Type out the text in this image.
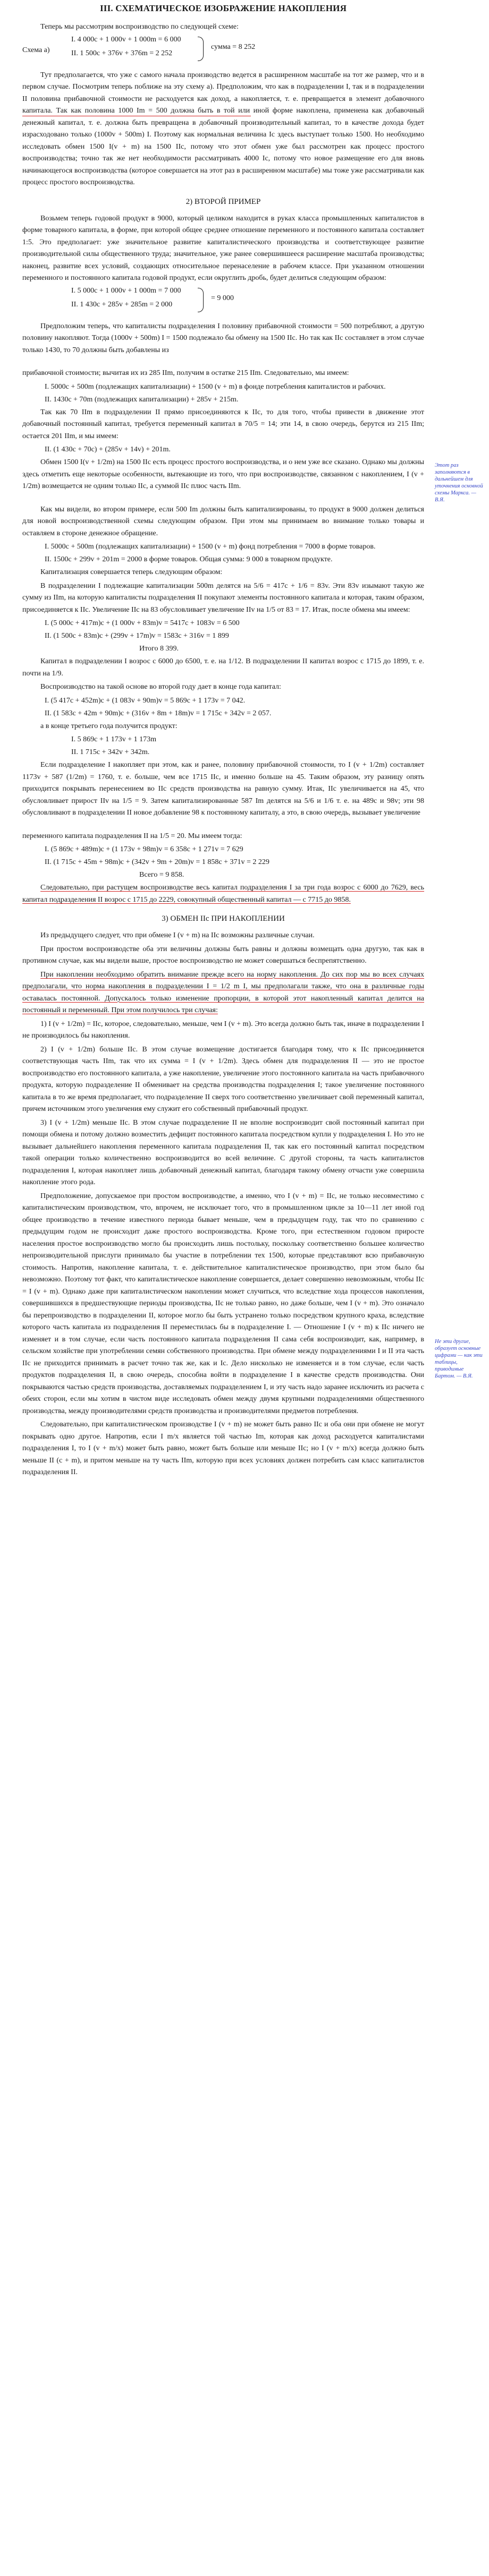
III. СХЕМАТИЧЕСКОЕ ИЗОБРАЖЕНИЕ НАКОПЛЕНИЯ
Теперь мы рассмотрим воспроизводство по следующей схеме:
Схема а)
I. 4 000c + 1 000v + 1 000m = 6 000
II. 1 500c + 376v + 376m = 2 252
сумма = 8 252
Тут предполагается, что уже с самого начала производство ведется в расширенном масштабе на тот же размер, что и в первом случае. Посмотрим теперь поближе на эту схему а). Предположим, что как в подразделении I, так и в подразделении II половина прибавочной стоимости не расходуется как доход, а накопляется, т. е. превращается в элемент добавочного капитала. Так как половина 1000 Im = 500 должна быть в той или иной форме накоплена, применена как добавочный денежный капитал, т. е. должна быть превращена в добавочный производительный капитал, то в качестве дохода будет израсходовано только (1000v + 500m) I. Поэтому как нормальная величина Ic здесь выступает только 1500. Но необходимо исследовать обмен 1500 I(v + m) на 1500 IIc, потому что этот обмен уже был рассмотрен как процесс простого воспроизводства; точно так же нет необходимости рассматривать 4000 Ic, потому что новое размещение его для вновь начинающегося воспроизводства (которое совершается на этот раз в расширенном масштабе) мы тоже уже рассматривали как процесс простого воспроизводства.
2) ВТОРОЙ ПРИМЕР
Возьмем теперь годовой продукт в 9000, который целиком находится в руках класса промышленных капиталистов в форме товарного капитала, в форме, при которой общее среднее отношение переменного и постоянного капитала составляет 1:5. Это предполагает: уже значительное развитие капиталистического производства и соответствующее развитие производительной силы общественного труда; значительное, уже ранее совершившееся расширение масштаба производства; наконец, развитие всех условий, создающих относительное перенаселение в рабочем классе. При указанном отношении переменного и постоянного капитала годовой продукт, если округлить дробь, будет делиться следующим образом:
I. 5 000c + 1 000v + 1 000m = 7 000
II. 1 430c + 285v + 285m = 2 000
= 9 000
Предположим теперь, что капиталисты подразделения I половину прибавочной стоимости = 500 потребляют, а другую половину накопляют. Тогда (1000v + 500m) I = 1500 подлежало бы обмену на 1500 IIc. Но так как IIc составляет в этом случае только 1430, то 70 должны быть добавлены из
прибавочной стоимости; вычитая их из 285 IIm, получим в остатке 215 IIm. Следовательно, мы имеем:
I. 5000c + 500m (подлежащих капитализации) + 1500 (v + m) в фонде потребления капиталистов и рабочих.
II. 1430c + 70m (подлежащих капитализации) + 285v + 215m.
Так как 70 IIm в подразделении II прямо присоединяются к IIc, то для того, чтобы привести в движение этот добавочный постоянный капитал, требуется переменный капитал в 70/5 = 14; эти 14, в свою очередь, берутся из 215 IIm; остается 201 IIm, и мы имеем:
II. (1 430c + 70c) + (285v + 14v) + 201m.
Обмен 1500 I(v + 1/2m) на 1500 IIc есть процесс простого воспроизводства, и о нем уже все сказано. Однако мы должны здесь отметить еще некоторые особенности, вытекающие из того, что при воспроизводстве, связанном с накоплением, I (v + 1/2m) возмещается не одним только IIc, а суммой IIc плюс часть IIm.
Как мы видели, во втором примере, если 500 Im должны быть капитализированы, то продукт в 9000 должен делиться для новой воспроизводственной схемы следующим образом. При этом мы принимаем во внимание только товары и оставляем в стороне денежное обращение.
I. 5000c + 500m (подлежащих капитализации) + 1500 (v + m) фонд потребления = 7000 в форме товаров.
II. 1500c + 299v + 201m = 2000 в форме товаров. Общая сумма: 9 000 в товарном продукте.
Капитализация совершается теперь следующим образом:
В подразделении I подлежащие капитализации 500m делятся на 5/6 = 417c + 1/6 = 83v. Эти 83v изымают такую же сумму из IIm, на которую капиталисты подразделения II покупают элементы постоянного капитала и которая, таким образом, присоединяется к IIc. Увеличение IIc на 83 обусловливает увеличение IIv на 1/5 от 83 = 17. Итак, после обмена мы имеем:
I. (5 000c + 417m)c + (1 000v + 83m)v = 5417c + 1083v = 6 500
II. (1 500c + 83m)c + (299v + 17m)v = 1583c + 316v = 1 899
Итого 8 399.
Капитал в подразделении I возрос с 6000 до 6500, т. е. на 1/12. В подразделении II капитал возрос с 1715 до 1899, т. е. почти на 1/9.
Воспроизводство на такой основе во второй году дает в конце года капитал:
I. (5 417c + 452m)c + (1 083v + 90m)v = 5 869c + 1 173v = 7 042.
II. (1 583c + 42m + 90m)c + (316v + 8m + 18m)v = 1 715c + 342v = 2 057.
а в конце третьего года получится продукт:
I. 5 869c + 1 173v + 1 173m
II. 1 715c + 342v + 342m.
Если подразделение I накопляет при этом, как и ранее, половину прибавочной стоимости, то I (v + 1/2m) составляет 1173v + 587 (1/2m) = 1760, т. е. больше, чем все 1715 IIc, и именно больше на 45. Таким образом, эту разницу опять приходится покрывать перенесением во IIc средств производства на равную сумму. Итак, IIc увеличивается на 45, что обусловливает прирост IIv на 1/5 = 9. Затем капитализированные 587 Im делятся на 5/6 и 1/6 т. е. на 489c и 98v; эти 98 обусловливают в подразделении II новое добавление 98 к постоянному капиталу, а это, в свою очередь, вызывает увеличение
переменного капитала подразделения II на 1/5 = 20. Мы имеем тогда:
I. (5 869c + 489m)c + (1 173v + 98m)v = 6 358c + 1 271v = 7 629
II. (1 715c + 45m + 98m)c + (342v + 9m + 20m)v = 1 858c + 371v = 2 229
Всего = 9 858.
Следовательно, при растущем воспроизводстве весь капитал подразделения I за три года возрос с 6000 до 7629, весь капитал подразделения II возрос с 1715 до 2229, совокупный общественный капитал — с 7715 до 9858.
3) ОБМЕН IIc ПРИ НАКОПЛЕНИИ
Из предыдущего следует, что при обмене I (v + m) на IIc возможны различные случаи.
При простом воспроизводстве оба эти величины должны быть равны и должны возмещать одна другую, так как в противном случае, как мы видели выше, простое воспроизводство не может совершаться беспрепятственно.
При накоплении необходимо обратить внимание прежде всего на норму накопления. До сих пор мы во всех случаях предполагали, что норма накопления в подразделении I = 1/2 m I, мы предполагали также, что она в различные годы оставалась постоянной. Допускалось только изменение пропорции, в которой этот накопленный капитал делится на постоянный и переменный. При этом получилось три случая:
1) I (v + 1/2m) = IIc, которое, следовательно, меньше, чем I (v + m). Это всегда должно быть так, иначе в подразделении I не производилось бы накопления.
2) I (v + 1/2m) больше IIc. В этом случае возмещение достигается благодаря тому, что к IIc присоединяется соответствующая часть IIm, так что их сумма = I (v + 1/2m). Здесь обмен для подразделения II — это не простое воспроизводство его постоянного капитала, а уже накопление, увеличение этого постоянного капитала на часть прибавочного продукта, которую подразделение II обменивает на средства производства подразделения I; такое увеличение постоянного капитала в то же время предполагает, что подразделение II сверх того соответственно увеличивает свой переменный капитал, причем источником этого увеличения ему служит его собственный прибавочный продукт.
3) I (v + 1/2m) меньше IIc. В этом случае подразделение II не вполне воспроизводит свой постоянный капитал при помощи обмена и потому должно возместить дефицит постоянного капитала посредством купли у подразделения I. Но это не вызывает дальнейшего накопления переменного капитала подразделения II, так как его постоянный капитал посредством такой операции только количественно воспроизводится во всей величине. С другой стороны, та часть капиталистов подразделения I, которая накопляет лишь добавочный денежный капитал, благодаря такому обмену отчасти уже совершила накопление этого рода.
Предположение, допускаемое при простом воспроизводстве, а именно, что I (v + m) = IIc, не только несовместимо с капиталистическим производством, что, впрочем, не исключает того, что в промышленном цикле за 10—11 лет иной год общее производство в течение известного периода бывает меньше, чем в предыдущем году, так что по сравнению с предыдущим годом не происходит даже простого воспроизводства. Кроме того, при естественном годовом приросте населения простое воспроизводство могло бы происходить лишь постольку, поскольку соответственно большее количество непроизводительной прислуги принимало бы участие в потреблении тех 1500, которые представляют всю прибавочную стоимость. Напротив, накопление капитала, т. е. действительное капиталистическое производство, при этом было бы невозможно. Поэтому тот факт, что капиталистическое накопление совершается, делает совершенно невозможным, чтобы IIc = I (v + m). Однако даже при капиталистическом накоплении может случиться, что вследствие хода процессов накопления, совершившихся в предшествующие периоды производства, IIc не только равно, но даже больше, чем I (v + m). Это означало бы перепроизводство в подразделении II, которое могло бы быть устранено только посредством крупного краха, вследствие которого часть капитала из подразделения II переместилась бы в подразделение I. — Отношение I (v + m) к IIc ничего не изменяет и в том случае, если часть постоянного капитала подразделения II сама себя воспроизводит, как, например, в сельском хозяйстве при употреблении семян собственного производства. При обмене между подразделениями I и II эта часть IIc не приходится принимать в расчет точно так же, как и Ic. Дело нисколько не изменяется и в том случае, если часть продуктов подразделения II, в свою очередь, способна войти в подразделение I в качестве средств производства. Они покрываются частью средств производства, доставляемых подразделением I, и эту часть надо заранее исключить из расчета с обеих сторон, если мы хотим в чистом виде исследовать обмен между двумя крупными подразделениями общественного производства, между производителями средств производства и производителями предметов потребления.
Следовательно, при капиталистическом производстве I (v + m) не может быть равно IIc и оба они при обмене не могут покрывать одно другое. Напротив, если I m/x является той частью Im, которая как доход расходуется капиталистами подразделения I, то I (v + m/x) может быть равно, может быть больше или меньше IIc; но I (v + m/x) всегда должно быть меньше II (c + m), и притом меньше на ту часть IIm, которую при всех условиях должен потребить сам класс капиталистов подразделения II.
Этот раз заполняются в дальнейшем для уточнения основной схемы Маркса. — В.Я.
Не эти другие, образует основные цифрами — как эти таблицы, приводимые Бартом. — В.Я.
